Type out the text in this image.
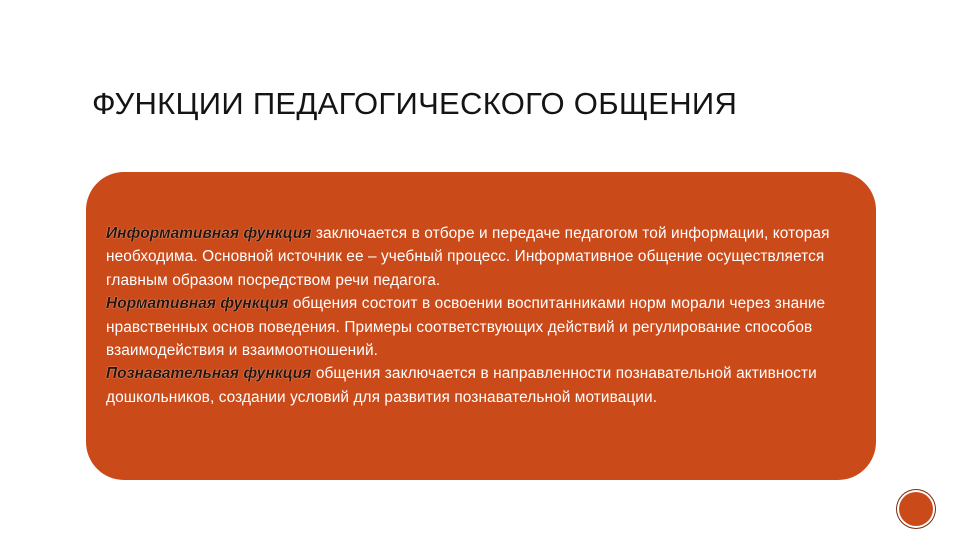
ФУНКЦИИ ПЕДАГОГИЧЕСКОГО ОБЩЕНИЯ

Информативная функция заключается в отборе и передаче педагогом той информации, которая необходима. Основной источник ее – учебный процесс. Информативное общение осуществляется главным образом посредством речи педагога.
Нормативная функция общения состоит в освоении воспитанниками норм морали через знание нравственных основ поведения. Примеры соответствующих действий и регулирование способов взаимодействия и взаимоотношений.
Познавательная функция общения заключается в направленности познавательной активности дошкольников, создании условий для развития познавательной мотивации.
